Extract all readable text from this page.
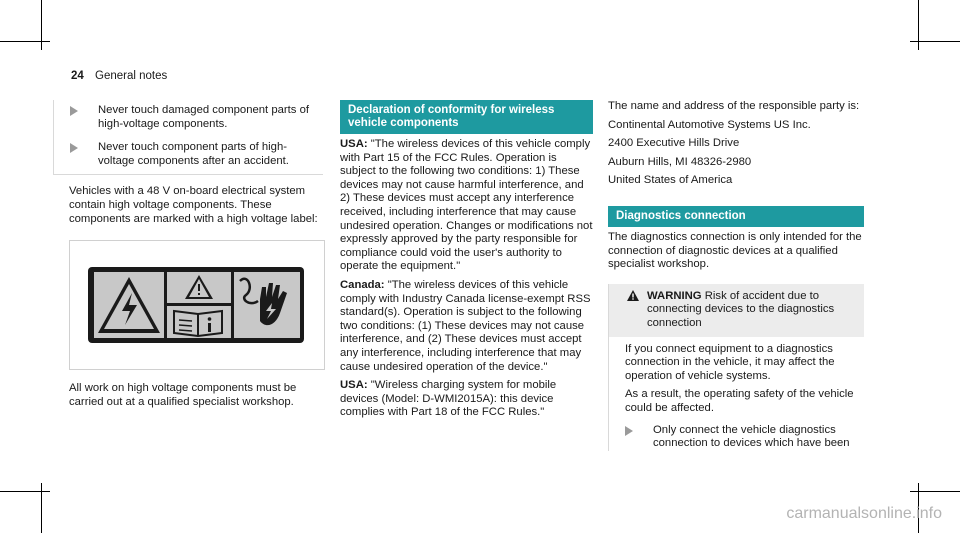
24 General notes
Never touch damaged component parts of high-voltage components.
Never touch component parts of high-voltage components after an accident.

Vehicles with a 48 V on-board electrical system contain high voltage components. These components are marked with a high voltage label:

All work on high voltage components must be carried out at a qualified specialist workshop.

Declaration of conformity for wireless vehicle components

USA: "The wireless devices of this vehicle comply with Part 15 of the FCC Rules. Operation is subject to the following two conditions: 1) These devices may not cause harmful interference, and 2) These devices must accept any interference received, including interference that may cause undesired operation. Changes or modifications not expressly approved by the party responsible for compliance could void the user's authority to operate the equipment."

Canada: "The wireless devices of this vehicle comply with Industry Canada license-exempt RSS standard(s). Operation is subject to the following two conditions: (1) These devices may not cause interference, and (2) These devices must accept any interference, including interference that may cause undesired operation of the device."

USA: "Wireless charging system for mobile devices (Model: D-WMI2015A): this device complies with Part 18 of the FCC Rules."

The name and address of the responsible party is:

Continental Automotive Systems US Inc.

2400 Executive Hills Drive

Auburn Hills, MI 48326-2980

United States of America

Diagnostics connection

The diagnostics connection is only intended for the connection of diagnostic devices at a qualified specialist workshop.

WARNING Risk of accident due to connecting devices to the diagnostics connection

If you connect equipment to a diagnostics connection in the vehicle, it may affect the operation of vehicle systems.

As a result, the operating safety of the vehicle could be affected.

Only connect the vehicle diagnostics connection to devices which have been
carmanualsonline.info
